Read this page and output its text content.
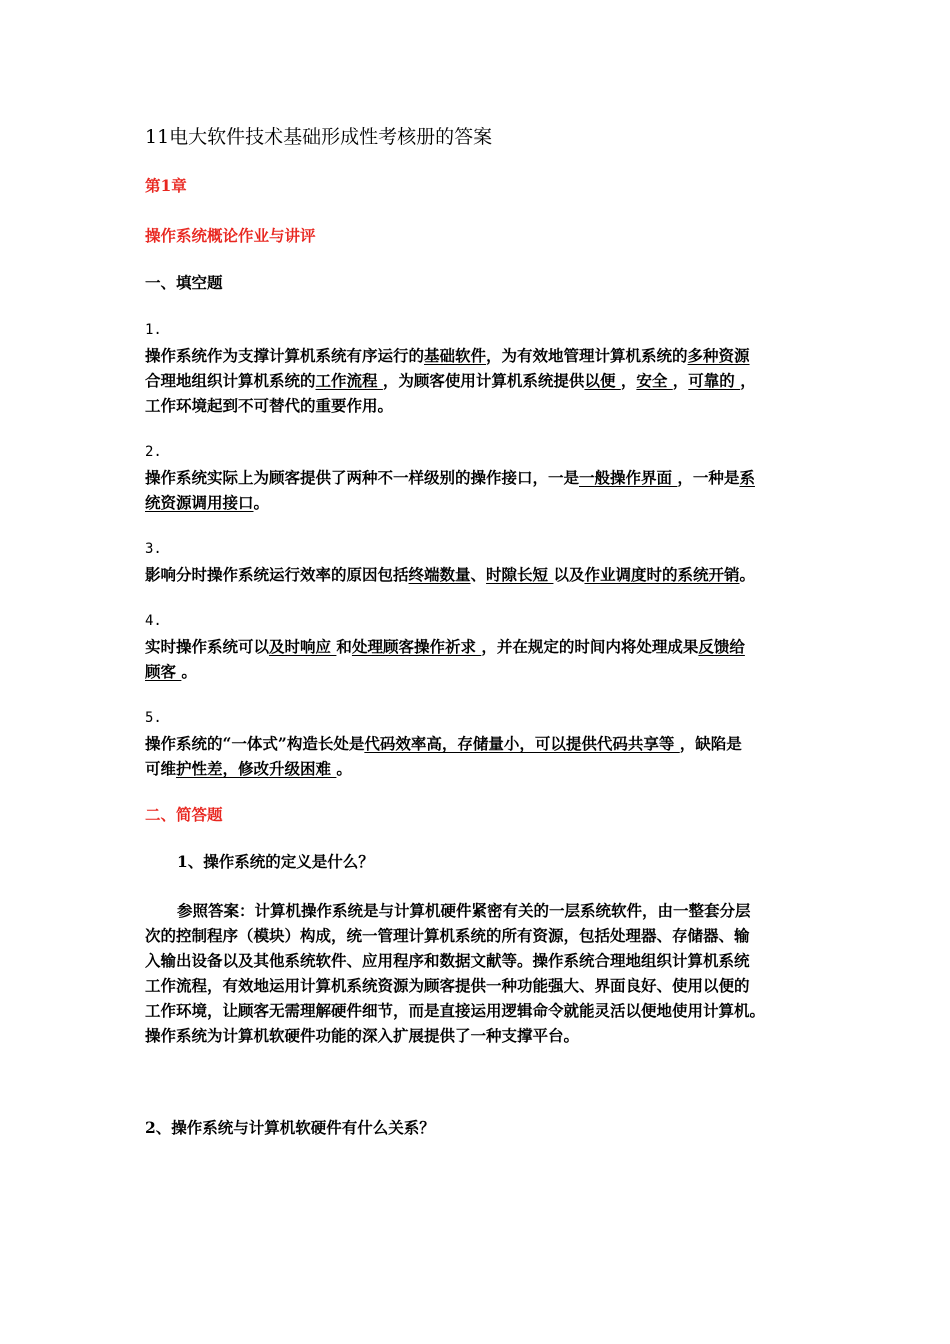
11电大软件技术基础形成性考核册的答案
第1章
操作系统概论作业与讲评
一、填空题
1.
操作系统作为支撑计算机系统有序运行的基础软件，为有效地管理计算机系统的多种资源
合理地组织计算机系统的工作流程 ，为顾客使用计算机系统提供以便 ，安全 ，可靠的 ，
工作环境起到不可替代的重要作用。
2.
操作系统实际上为顾客提供了两种不一样级别的操作接口，一是一般操作界面 ，一种是系
统资源调用接口。
3.
影响分时操作系统运行效率的原因包括终端数量、时隙长短 以及作业调度时的系统开销。
4.
实时操作系统可以及时响应 和处理顾客操作祈求 ，并在规定的时间内将处理成果反馈给
顾客 。
5.
操作系统的“一体式”构造长处是代码效率高，存储量小，可以提供代码共享等 ，缺陷是
可维护性差，修改升级困难 。
二、简答题
1、操作系统的定义是什么？
参照答案：计算机操作系统是与计算机硬件紧密有关的一层系统软件，由一整套分层
次的控制程序（模块）构成，统一管理计算机系统的所有资源，包括处理器、存储器、输
入输出设备以及其他系统软件、应用程序和数据文献等。操作系统合理地组织计算机系统
工作流程，有效地运用计算机系统资源为顾客提供一种功能强大、界面良好、使用以便的
工作环境，让顾客无需理解硬件细节，而是直接运用逻辑命令就能灵活以便地使用计算机。
操作系统为计算机软硬件功能的深入扩展提供了一种支撑平台。
2、操作系统与计算机软硬件有什么关系？
